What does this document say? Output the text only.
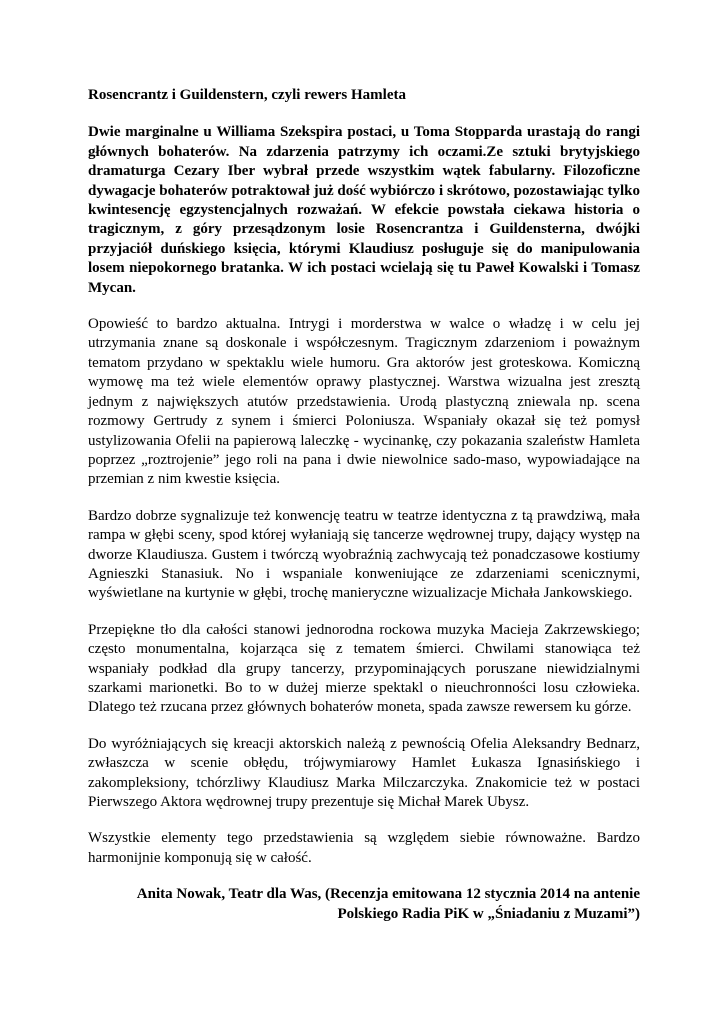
Rosencrantz i Guildenstern, czyli rewers Hamleta

Dwie marginalne u Williama Szekspira postaci, u Toma Stopparda urastają do rangi głównych bohaterów. Na zdarzenia patrzymy ich oczami.Ze sztuki brytyjskiego dramaturga Cezary Iber wybrał przede wszystkim wątek fabularny. Filozoficzne dywagacje bohaterów potraktował już dość wybiórczo i skrótowo, pozostawiając tylko kwintesencję egzystencjalnych rozważań. W efekcie powstała ciekawa historia o tragicznym, z góry przesądzonym losie Rosencrantza i Guildensterna, dwójki przyjaciół duńskiego księcia, którymi Klaudiusz posługuje się do manipulowania losem niepokornego bratanka. W ich postaci wcielają się tu Paweł Kowalski i Tomasz Mycan.

Opowieść to bardzo aktualna. Intrygi i morderstwa w walce o władzę i w celu jej utrzymania znane są doskonale i współczesnym. Tragicznym zdarzeniom i poważnym tematom przydano w spektaklu wiele humoru. Gra aktorów jest groteskowa. Komiczną wymowę ma też wiele elementów oprawy plastycznej. Warstwa wizualna jest zresztą jednym z największych atutów przedstawienia. Urodą plastyczną zniewala np. scena rozmowy Gertrudy z synem i śmierci Poloniusza. Wspaniały okazał się też pomysł ustylizowania Ofelii na papierową laleczkę - wycinankę, czy pokazania szaleństw Hamleta poprzez „roztrojenie” jego roli na pana i dwie niewolnice sado-maso, wypowiadające na przemian z nim kwestie księcia.

Bardzo dobrze sygnalizuje też konwencję teatru w teatrze identyczna z tą prawdziwą, mała rampa w głębi sceny, spod której wyłaniają się tancerze wędrownej trupy, dający występ na dworze Klaudiusza. Gustem i twórczą wyobraźnią zachwycają też ponadczasowe kostiumy Agnieszki Stanasiuk. No i wspaniale konweniujące ze zdarzeniami scenicznymi, wyświetlane na kurtynie w głębi, trochę manieryczne wizualizacje Michała Jankowskiego.

Przepiękne tło dla całości stanowi jednorodna rockowa muzyka Macieja Zakrzewskiego; często monumentalna, kojarząca się z tematem śmierci. Chwilami stanowiąca też wspaniały podkład dla grupy tancerzy, przypominających poruszane niewidzialnymi szarkami marionetki. Bo to w dużej mierze spektakl o nieuchronności losu człowieka. Dlatego też rzucana przez głównych bohaterów moneta, spada zawsze rewersem ku górze.

Do wyróżniających się kreacji aktorskich należą z pewnością Ofelia Aleksandry Bednarz, zwłaszcza w scenie obłędu, trójwymiarowy Hamlet Łukasza Ignasińskiego i zakompleksiony, tchórzliwy Klaudiusz Marka Milczarczyka. Znakomicie też w postaci Pierwszego Aktora wędrownej trupy prezentuje się Michał Marek Ubysz.

Wszystkie elementy tego przedstawienia są względem siebie równoważne. Bardzo harmonijnie komponują się w całość.

Anita Nowak, Teatr dla Was, (Recenzja emitowana 12 stycznia 2014 na antenie
Polskiego Radia PiK w „Śniadaniu z Muzami”)
